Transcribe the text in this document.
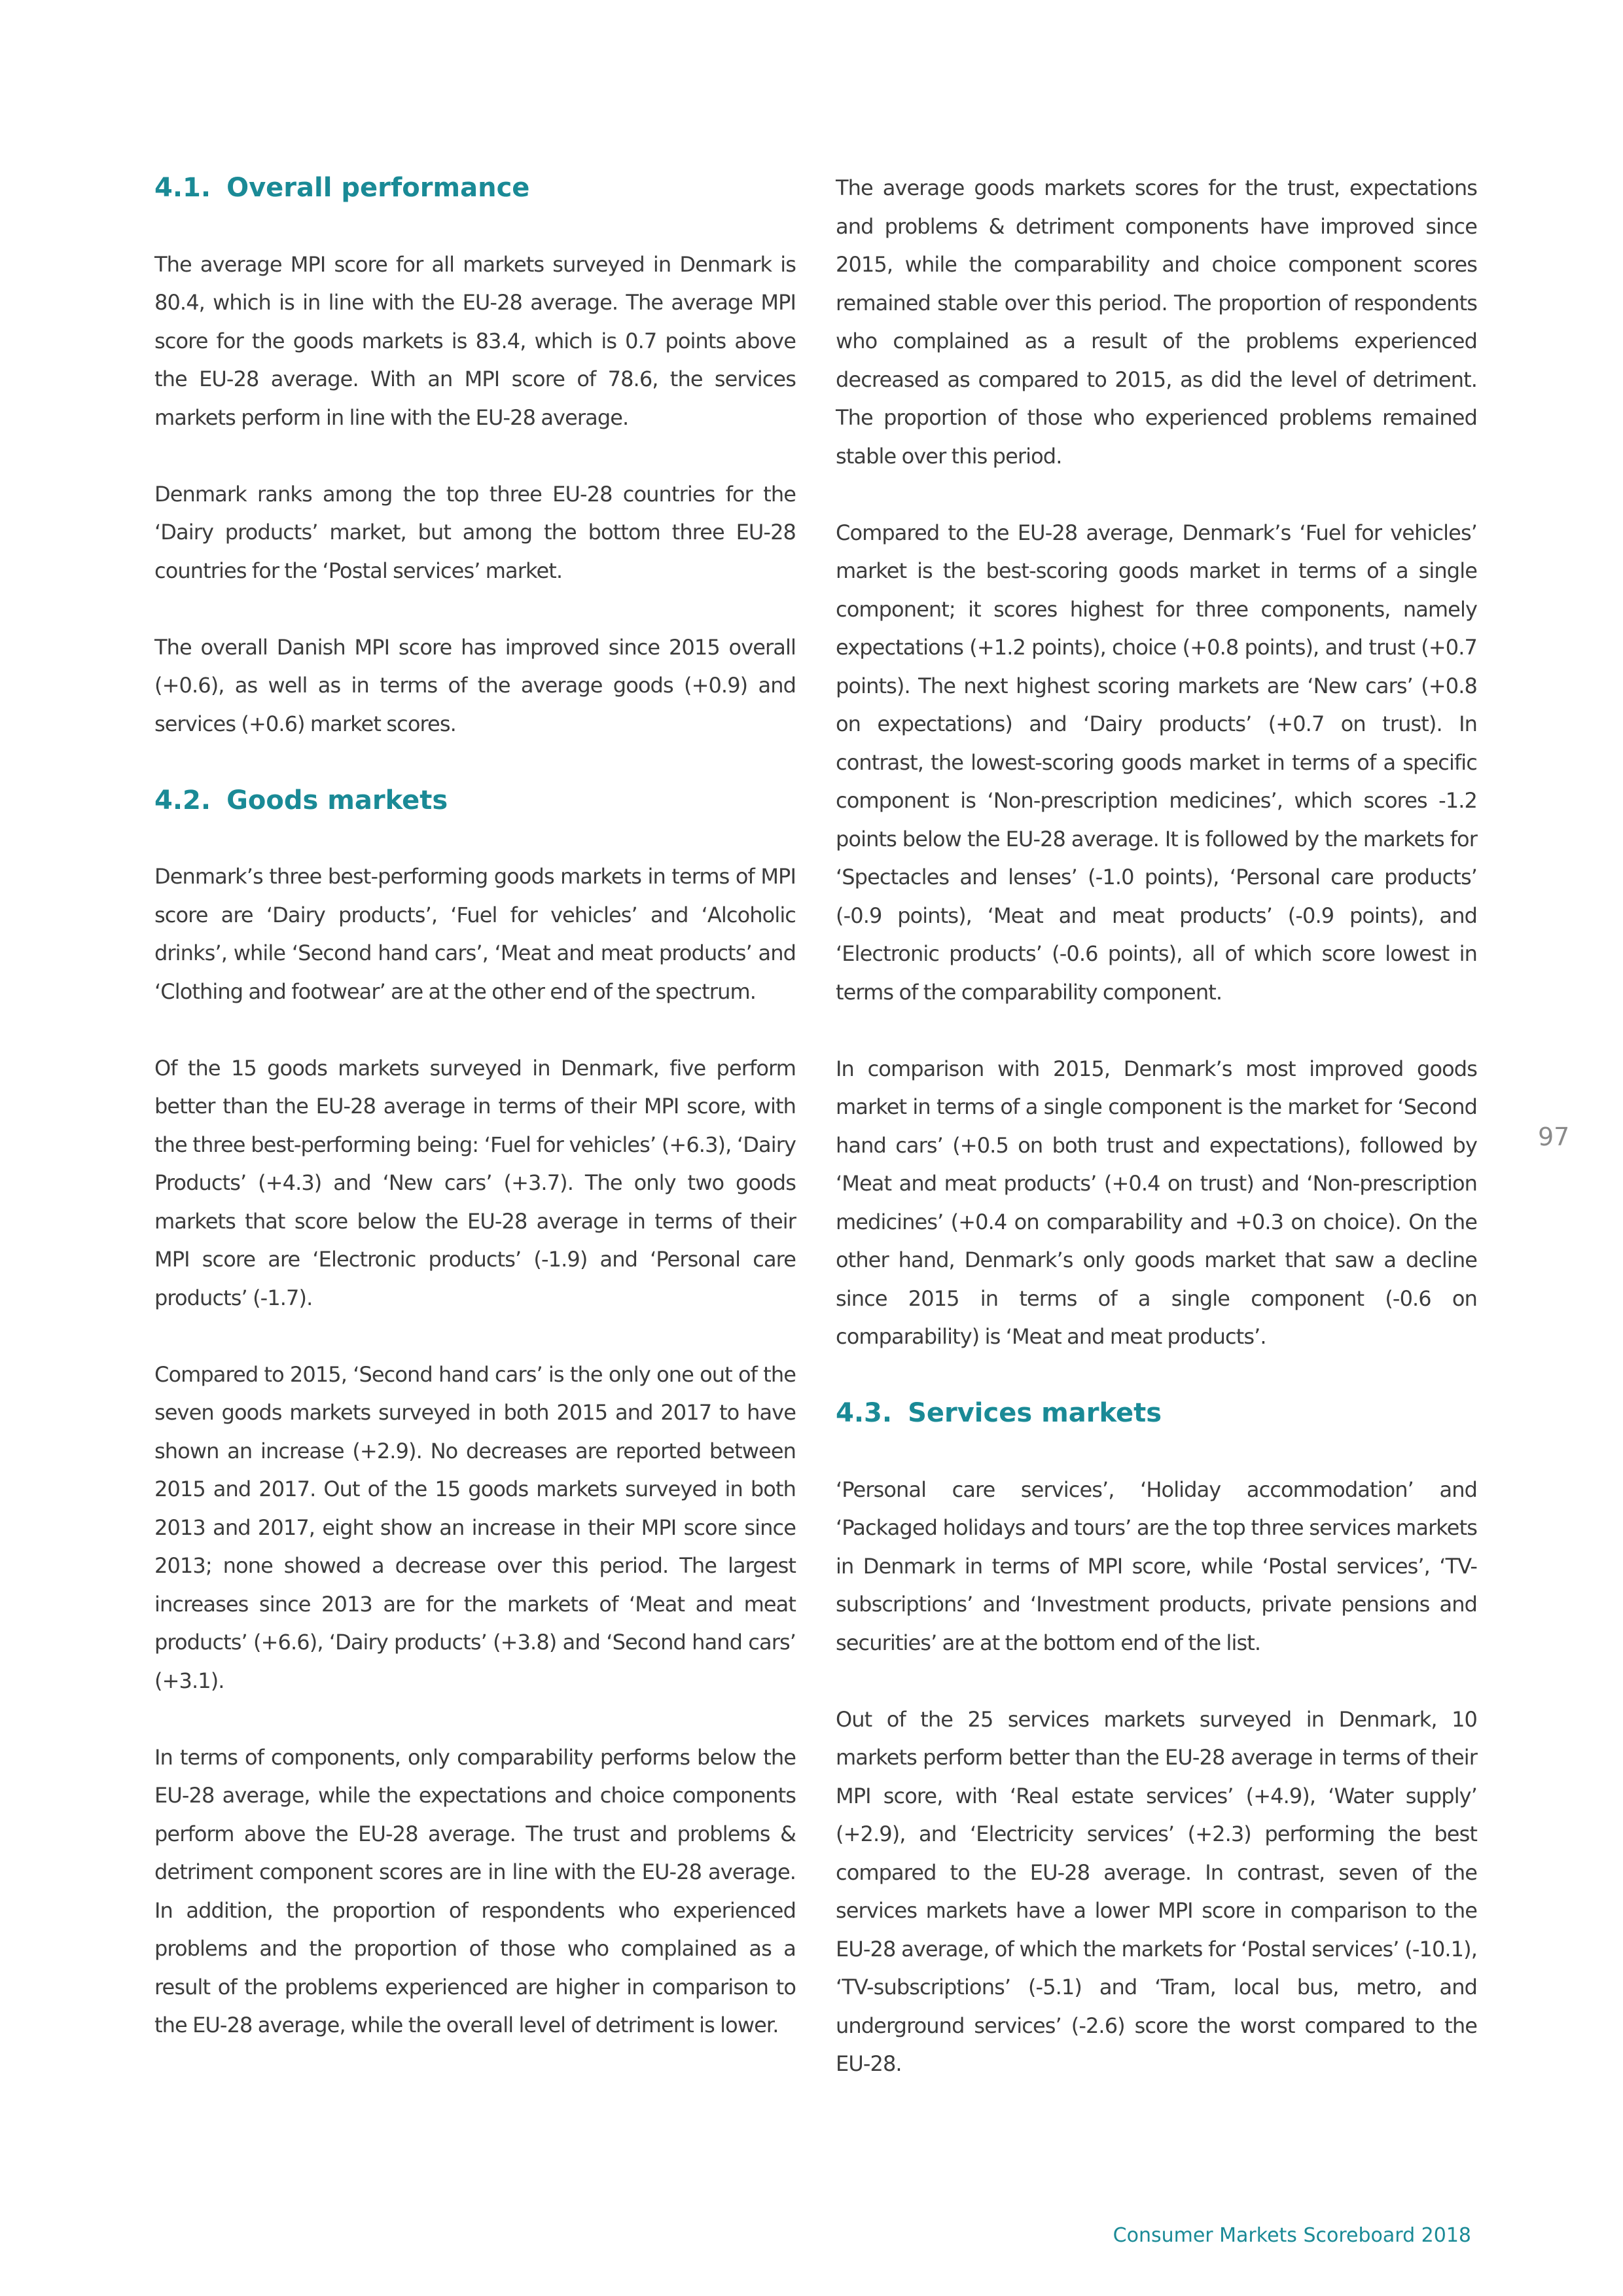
4.1. Overall performance

The average MPI score for all markets surveyed in Denmark is 80.4, which is in line with the EU-28 average. The average MPI score for the goods markets is 83.4, which is 0.7 points above the EU-28 average. With an MPI score of 78.6, the services markets perform in line with the EU-28 average.

Denmark ranks among the top three EU-28 countries for the ‘Dairy products’ market, but among the bottom three EU-28 countries for the ‘Postal services’ market.

The overall Danish MPI score has improved since 2015 overall (+0.6), as well as in terms of the average goods (+0.9) and services (+0.6) market scores.

4.2. Goods markets

Denmark’s three best-performing goods markets in terms of MPI score are ‘Dairy products’, ‘Fuel for vehicles’ and ‘Alcoholic drinks’, while ‘Second hand cars’, ‘Meat and meat products’ and ‘Clothing and footwear’ are at the other end of the spectrum.

Of the 15 goods markets surveyed in Denmark, five perform better than the EU-28 average in terms of their MPI score, with the three best-performing being: ‘Fuel for vehicles’ (+6.3), ‘Dairy Products’ (+4.3) and ‘New cars’ (+3.7). The only two goods markets that score below the EU-28 average in terms of their MPI score are ‘Electronic products’ (-1.9) and ‘Personal care products’ (-1.7).

Compared to 2015, ‘Second hand cars’ is the only one out of the seven goods markets surveyed in both 2015 and 2017 to have shown an increase (+2.9). No decreases are reported between 2015 and 2017. Out of the 15 goods markets surveyed in both 2013 and 2017, eight show an increase in their MPI score since 2013; none showed a decrease over this period. The largest increases since 2013 are for the markets of ‘Meat and meat products’ (+6.6), ‘Dairy products’ (+3.8) and ‘Second hand cars’ (+3.1).

In terms of components, only comparability performs below the EU-28 average, while the expectations and choice components perform above the EU-28 average. The trust and problems & detriment component scores are in line with the EU-28 average. In addition, the proportion of respondents who experienced problems and the proportion of those who complained as a result of the problems experienced are higher in comparison to the EU-28 average, while the overall level of detriment is lower.

The average goods markets scores for the trust, expectations and problems & detriment components have improved since 2015, while the comparability and choice component scores remained stable over this period. The proportion of respondents who complained as a result of the problems experienced decreased as compared to 2015, as did the level of detriment. The proportion of those who experienced problems remained stable over this period.

Compared to the EU-28 average, Denmark’s ‘Fuel for vehicles’ market is the best-scoring goods market in terms of a single component; it scores highest for three components, namely expectations (+1.2 points), choice (+0.8 points), and trust (+0.7 points). The next highest scoring markets are ‘New cars’ (+0.8 on expectations) and ‘Dairy products’ (+0.7 on trust). In contrast, the lowest-scoring goods market in terms of a specific component is ‘Non-prescription medicines’, which scores -1.2 points below the EU-28 average. It is followed by the markets for ‘Spectacles and lenses’ (-1.0 points), ‘Personal care products’ (-0.9 points), ‘Meat and meat products’ (-0.9 points), and ‘Electronic products’ (-0.6 points), all of which score lowest in terms of the comparability component.

In comparison with 2015, Denmark’s most improved goods market in terms of a single component is the market for ‘Second hand cars’ (+0.5 on both trust and expectations), followed by ‘Meat and meat products’ (+0.4 on trust) and ‘Non-prescription medicines’ (+0.4 on comparability and +0.3 on choice). On the other hand, Denmark’s only goods market that saw a decline since 2015 in terms of a single component (-0.6 on comparability) is ‘Meat and meat products’.

4.3. Services markets

‘Personal care services’, ‘Holiday accommodation’ and ‘Packaged holidays and tours’ are the top three services markets in Denmark in terms of MPI score, while ‘Postal services’, ‘TV-subscriptions’ and ‘Investment products, private pensions and securities’ are at the bottom end of the list.

Out of the 25 services markets surveyed in Denmark, 10 markets perform better than the EU-28 average in terms of their MPI score, with ‘Real estate services’ (+4.9), ‘Water supply’ (+2.9), and ‘Electricity services’ (+2.3) performing the best compared to the EU-28 average. In contrast, seven of the services markets have a lower MPI score in comparison to the EU-28 average, of which the markets for ‘Postal services’ (-10.1), ‘TV-subscriptions’ (-5.1) and ‘Tram, local bus, metro, and underground services’ (-2.6) score the worst compared to the EU-28.

97

Consumer Markets Scoreboard 2018
